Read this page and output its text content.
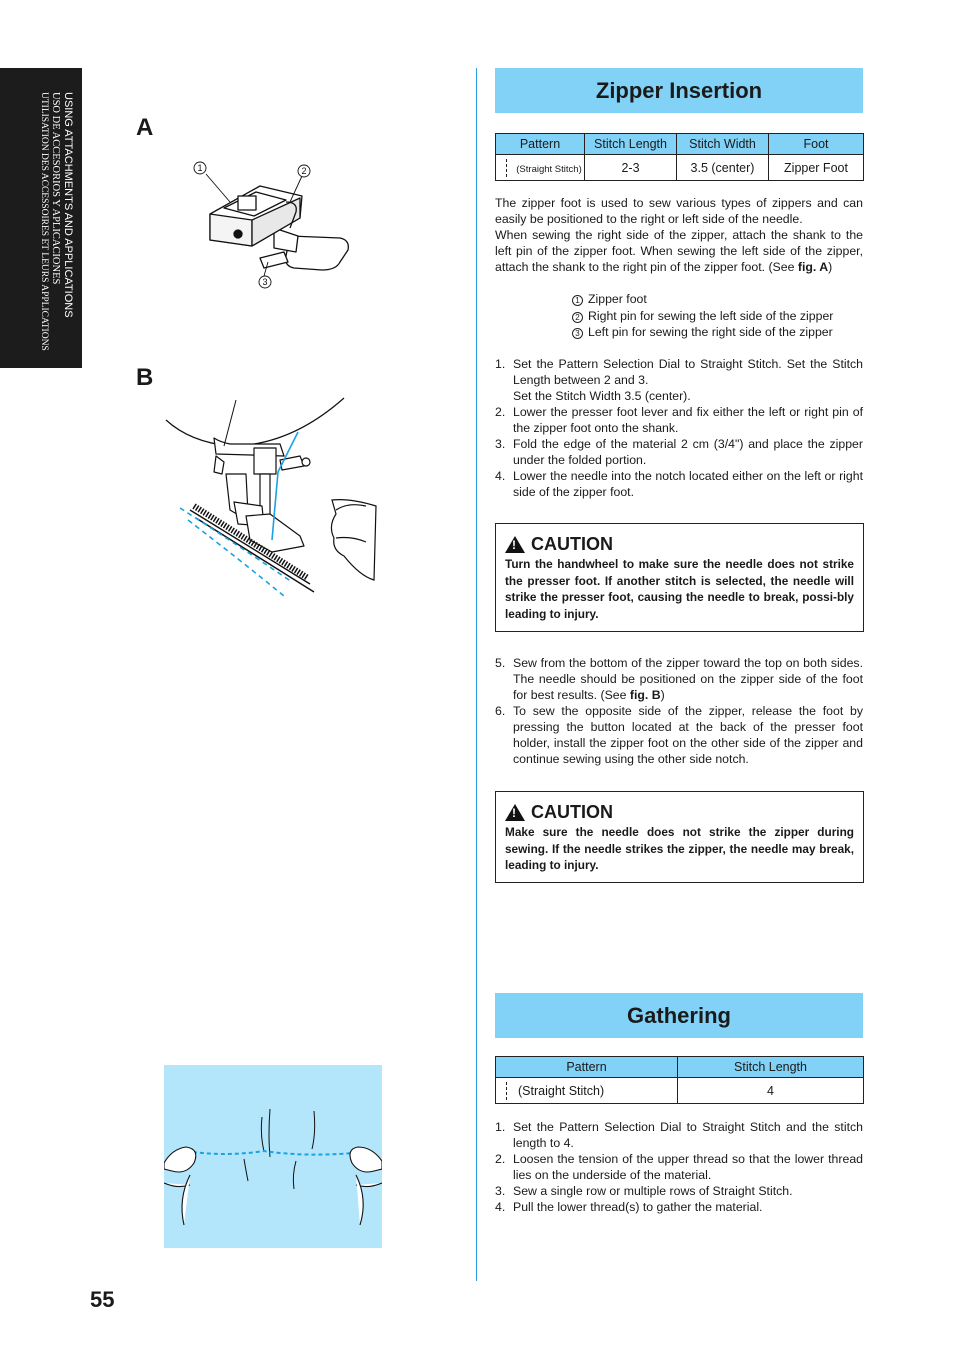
USING ATTACHMENTS AND APPLICATIONS
USO DE ACCESORIOS Y APLICACIONES
UTILISATION DES ACCESSOIRES ET LEURS APPLICATIONS	A
1	2
3
B
Zipper Insertion
Pattern	Stitch Length	Stitch Width	Foot

(Straight Stitch)	2-3	3.5 (center)	Zipper Foot
The zipper foot is used to sew various types of zippers and can easily be positioned to the right or left side of the needle.
When sewing the right side of the zipper, attach the shank to the left pin of the zipper foot. When sewing the left side of the zipper, attach the shank to the right pin of the zipper foot. (See fig. A)
1 Zipper foot
2 Right pin for sewing the left side of the zipper
3 Left pin for sewing the right side of the zipper
1. Set the Pattern Selection Dial to Straight Stitch. Set the Stitch Length between 2 and 3.
Set the Stitch Width 3.5 (center).
2. Lower the presser foot lever and fix either the left or right pin of the zipper foot onto the shank.
3. Fold the edge of the material 2 cm (3/4") and place the zipper under the folded portion.
4. Lower the needle into the notch located either on the left or right side of the zipper foot.
!
CAUTION
Turn the handwheel to make sure the needle does not strike the presser foot. If another stitch is selected, the needle will strike the presser foot, causing the needle to break, possi-bly leading to injury.
5. Sew from the bottom of the zipper toward the top on both sides. The needle should be positioned on the zipper side of the foot for best results. (See fig. B)
6. To sew the opposite side of the zipper, release the foot by pressing the button located at the back of the presser foot holder, install the zipper foot on the other side of the zipper and continue sewing using the other side notch.
!
CAUTION
Make sure the needle does not strike the zipper during sewing. If the needle strikes the zipper, the needle may break, leading to injury.
Gathering
Pattern	Stitch Length

(Straight Stitch)	4
1. Set the Pattern Selection Dial to Straight Stitch and the stitch length to 4.
2. Loosen the tension of the upper thread so that the lower thread lies on the underside of the material.
3. Sew a single row or multiple rows of Straight Stitch.
4. Pull the lower thread(s) to gather the material.
55
